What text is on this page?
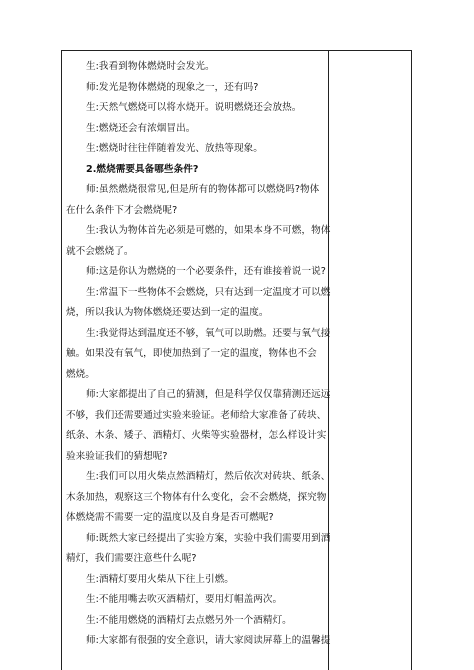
生:我看到物体燃烧时会发光。
师:发光是物体燃烧的现象之一，还有吗?
生:天然气燃烧可以将水烧开。说明燃烧还会放热。
生:燃烧还会有浓烟冒出。
生:燃烧时往往伴随着发光、放热等现象。
2.燃烧需要具备哪些条件?
师:虽然燃烧很常见,但是所有的物体都可以燃烧吗?物体
在什么条件下才会燃烧呢?
生:我认为物体首先必须是可燃的，如果本身不可燃，物体
就不会燃烧了。
师:这是你认为燃烧的一个必要条件，还有谁接着说一说?
生:常温下一些物体不会燃烧，只有达到一定温度才可以燃
烧，所以我认为物体燃烧还要达到一定的温度。
生:我觉得达到温度还不够，氧气可以助燃。还要与氧气接
触。如果没有氧气，即使加热到了一定的温度，物体也不会
燃烧。
师:大家都提出了自己的猜测，但是科学仅仅靠猜测还远远
不够，我们还需要通过实验来验证。老师给大家准备了砖块、
纸条、木条、矮子、酒精灯、火柴等实验器材，怎么样设计实
验来验证我们的猜想呢?
生:我们可以用火柴点然酒精灯，然后依次对砖块、纸条、
木条加热，观察这三个物体有什么变化，会不会燃烧，探究物
体燃烧需不需要一定的温度以及自身是否可燃呢?
师:既然大家已经提出了实验方案，实验中我们需要用到酒
精灯，我们需要注意些什么呢?
生:酒精灯要用火柴从下往上引燃。
生:不能用嘴去吹灭酒精灯，要用灯帽盖两次。
生:不能用燃烧的酒精灯去点燃另外一个酒精灯。
师:大家都有很强的安全意识，请大家阅读屏幕上的温馨提
